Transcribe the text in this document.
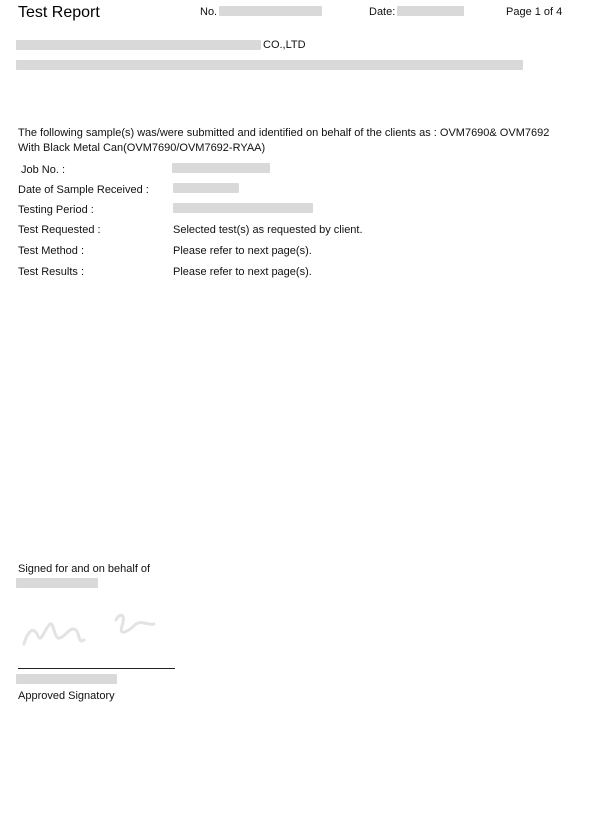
Test Report	No.	Date:	Page 1 of 4
CO.,LTD
The following sample(s) was/were submitted and identified on behalf of the clients as : OVM7690& OVM7692
With Black Metal Can(OVM7690/OVM7692-RYAA)
Job No. :
Date of Sample Received :
Testing Period :
Test Requested :	Selected test(s) as requested by client.
Test Method :	Please refer to next page(s).
Test Results :	Please refer to next page(s).
Signed for and on behalf of
Approved Signatory
